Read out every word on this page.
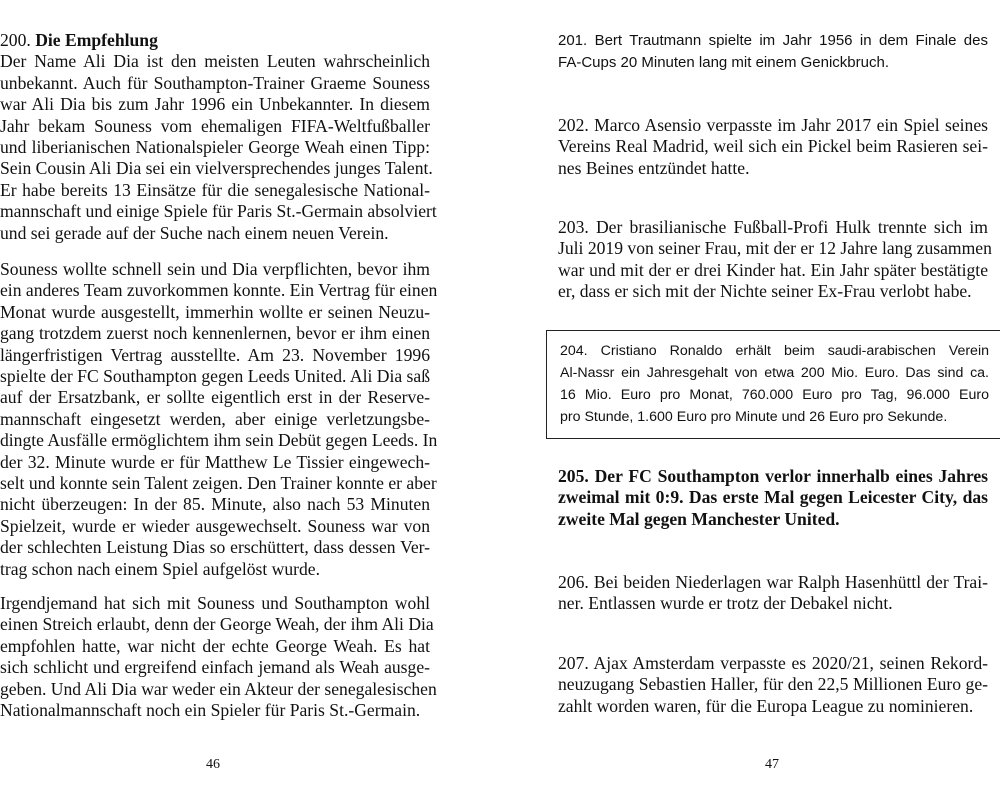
200. Die Empfehlung
Der Name Ali Dia ist den meisten Leuten wahrscheinlich
unbekannt. Auch für Southampton-Trainer Graeme Souness
war Ali Dia bis zum Jahr 1996 ein Unbekannter. In diesem
Jahr bekam Souness vom ehemaligen FIFA-Weltfußballer
und liberianischen Nationalspieler George Weah einen Tipp:
Sein Cousin Ali Dia sei ein vielversprechendes junges Talent.
Er habe bereits 13 Einsätze für die senegalesische National-
mannschaft und einige Spiele für Paris St.-Germain absolviert
und sei gerade auf der Suche nach einem neuen Verein.
Souness wollte schnell sein und Dia verpflichten, bevor ihm
ein anderes Team zuvorkommen konnte. Ein Vertrag für einen
Monat wurde ausgestellt, immerhin wollte er seinen Neuzu-
gang trotzdem zuerst noch kennenlernen, bevor er ihm einen
längerfristigen Vertrag ausstellte. Am 23. November 1996
spielte der FC Southampton gegen Leeds United. Ali Dia saß
auf der Ersatzbank, er sollte eigentlich erst in der Reserve-
mannschaft eingesetzt werden, aber einige verletzungsbe-
dingte Ausfälle ermöglichtem ihm sein Debüt gegen Leeds. In
der 32. Minute wurde er für Matthew Le Tissier eingewech-
selt und konnte sein Talent zeigen. Den Trainer konnte er aber
nicht überzeugen: In der 85. Minute, also nach 53 Minuten
Spielzeit, wurde er wieder ausgewechselt. Souness war von
der schlechten Leistung Dias so erschüttert, dass dessen Ver-
trag schon nach einem Spiel aufgelöst wurde.
Irgendjemand hat sich mit Souness und Southampton wohl
einen Streich erlaubt, denn der George Weah, der ihm Ali Dia
empfohlen hatte, war nicht der echte George Weah. Es hat
sich schlicht und ergreifend einfach jemand als Weah ausge-
geben. Und Ali Dia war weder ein Akteur der senegalesischen
Nationalmannschaft noch ein Spieler für Paris St.-Germain.
46
201. Bert Trautmann spielte im Jahr 1956 in dem Finale des
FA-Cups 20 Minuten lang mit einem Genickbruch.
202. Marco Asensio verpasste im Jahr 2017 ein Spiel seines
Vereins Real Madrid, weil sich ein Pickel beim Rasieren sei-
nes Beines entzündet hatte.
203. Der brasilianische Fußball-Profi Hulk trennte sich im
Juli 2019 von seiner Frau, mit der er 12 Jahre lang zusammen
war und mit der er drei Kinder hat. Ein Jahr später bestätigte
er, dass er sich mit der Nichte seiner Ex-Frau verlobt habe.
204. Cristiano Ronaldo erhält beim saudi-arabischen Verein
Al-Nassr ein Jahresgehalt von etwa 200 Mio. Euro. Das sind ca.
16 Mio. Euro pro Monat, 760.000 Euro pro Tag, 96.000 Euro
pro Stunde, 1.600 Euro pro Minute und 26 Euro pro Sekunde.
205. Der FC Southampton verlor innerhalb eines Jahres
zweimal mit 0:9. Das erste Mal gegen Leicester City, das
zweite Mal gegen Manchester United.
206. Bei beiden Niederlagen war Ralph Hasenhüttl der Trai-
ner. Entlassen wurde er trotz der Debakel nicht.
207. Ajax Amsterdam verpasste es 2020/21, seinen Rekord-
neuzugang Sebastien Haller, für den 22,5 Millionen Euro ge-
zahlt worden waren, für die Europa League zu nominieren.
47
